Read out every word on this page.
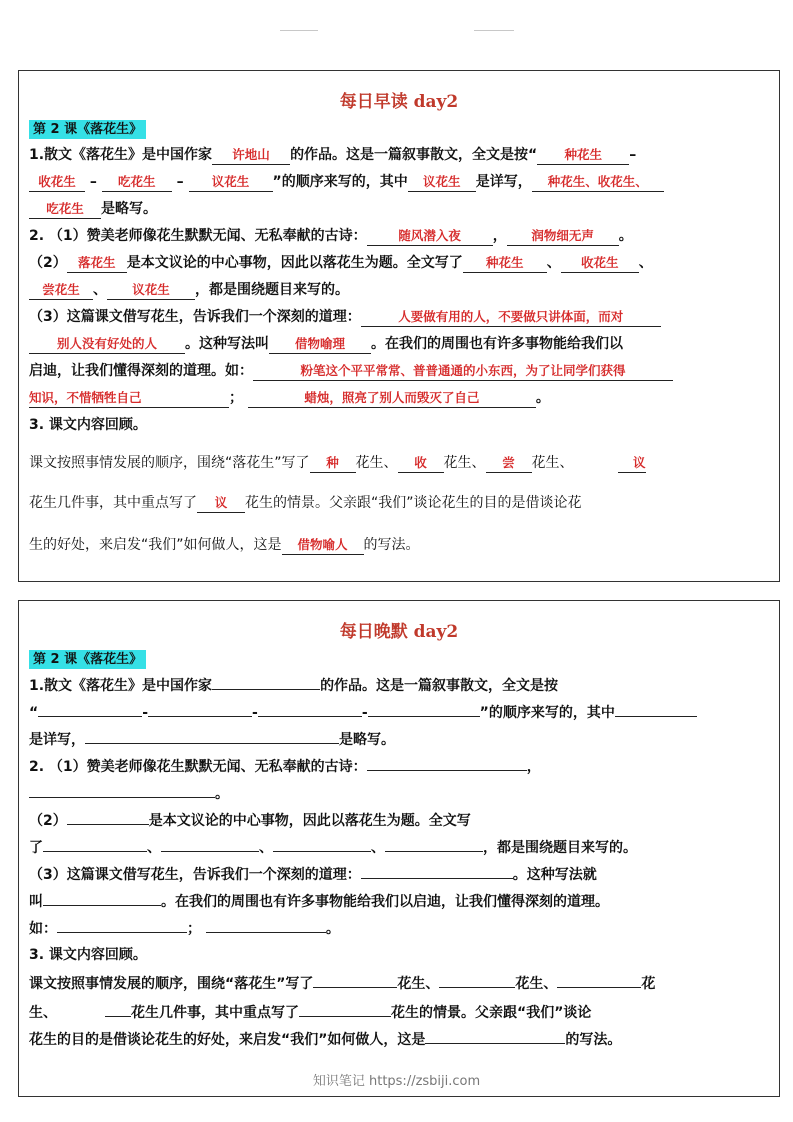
每日早读 day2
第 2 课《落花生》
1.散文《落花生》是中国作家 许地山 的作品。这是一篇叙事散文，全文是按“ 种花生 –
收花生 – 吃花生 – 议花生 ”的顺序来写的，其中 议花生 是详写， 种花生、收花生、
吃花生 是略写。
2. （1）赞美老师像花生默默无闻、无私奉献的古诗：	随风潜入夜 ， 润物细无声 。
（2） 落花生 是本文议论的中心事物，因此以落花生为题。全文写了 种花生 、 收花生 、
尝花生 、 议花生 ，都是围绕题目来写的。
（3）这篇课文借写花生，告诉我们一个深刻的道理：	人要做有用的人，不要做只讲体面，而对
别人没有好处的人 。这种写法叫 借物喻理 。在我们的周围也有许多事物能给我们以
启迪，让我们懂得深刻的道理。如：	粉笔这个平平常常、普普通通的小东西，为了让同学们获得
知识，不惜牺牲自己	；	蜡烛，照亮了别人而毁灭了自己	。
3. 课文内容回顾。
课文按照事情发展的顺序，围绕“落花生”写了 种 花生、 收 花生、 尝 花生、	议
花生几件事，其中重点写了 议 花生的情景。父亲跟“我们”谈论花生的目的是借谈论花
生的好处，来启发“我们”如何做人，这是 借物喻人 的写法。
每日晚默 day2
第 2 课《落花生》
1.散文《落花生》是中国作家	的作品。这是一篇叙事散文，全文是按
“	-	-	-	”的顺序来写的，其中
是详写，	是略写。
2. （1）赞美老师像花生默默无闻、无私奉献的古诗：	，
。
（2）	是本文议论的中心事物，因此以落花生为题。全文写
了	、	、	、	，都是围绕题目来写的。
（3）这篇课文借写花生，告诉我们一个深刻的道理：	。这种写法就
叫	。在我们的周围也有许多事物能给我们以启迪，让我们懂得深刻的道理。
如：	；	。
3. 课文内容回顾。
课文按照事情发展的顺序，围绕“落花生”写了	花生、	花生、	花
生、	花生几件事，其中重点写了	花生的情景。父亲跟“我们”谈论
花生的目的是借谈论花生的好处，来启发“我们”如何做人，这是	的写法。
知识笔记 https://zsbiji.com
